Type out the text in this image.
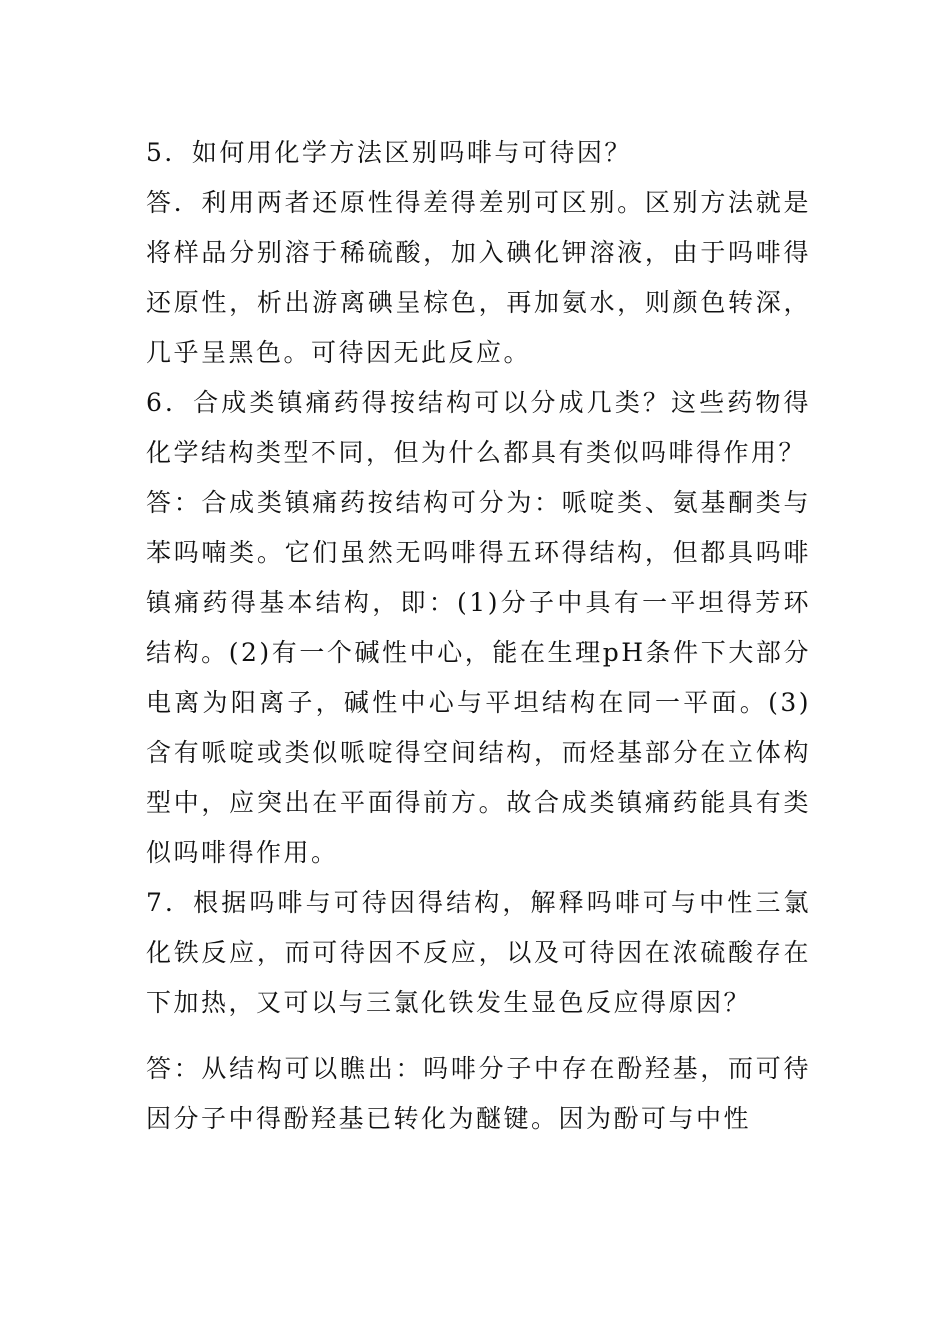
5．如何用化学方法区别吗啡与可待因？

答．利用两者还原性得差得差别可区别。区别方法就是将样品分别溶于稀硫酸，加入碘化钾溶液，由于吗啡得还原性，析出游离碘呈棕色，再加氨水，则颜色转深，几乎呈黑色。可待因无此反应。

6．合成类镇痛药得按结构可以分成几类？这些药物得化学结构类型不同，但为什么都具有类似吗啡得作用？

答：合成类镇痛药按结构可分为：哌啶类、氨基酮类与苯吗喃类。它们虽然无吗啡得五环得结构，但都具吗啡镇痛药得基本结构，即：(1)分子中具有一平坦得芳环结构。(2)有一个碱性中心，能在生理pH条件下大部分电离为阳离子，碱性中心与平坦结构在同一平面。(3)含有哌啶或类似哌啶得空间结构，而烃基部分在立体构型中，应突出在平面得前方。故合成类镇痛药能具有类似吗啡得作用。

7．根据吗啡与可待因得结构，解释吗啡可与中性三氯化铁反应，而可待因不反应，以及可待因在浓硫酸存在下加热，又可以与三氯化铁发生显色反应得原因？

答：从结构可以瞧出：吗啡分子中存在酚羟基，而可待因分子中得酚羟基已转化为醚键。因为酚可与中性
